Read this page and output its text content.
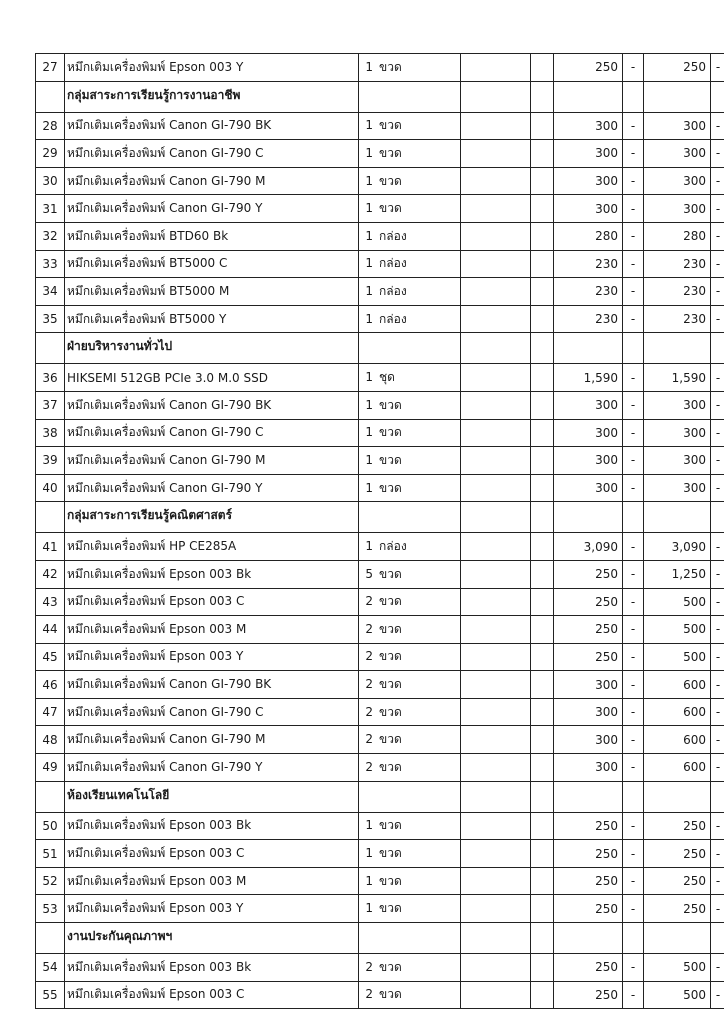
27	หมึกเติมเครื่องพิมพ์ Epson 003 Y	1 ขวด			250	-	250	-
	กลุ่มสาระการเรียนรู้การงานอาชีพ							
28	หมึกเติมเครื่องพิมพ์ Canon GI-790 BK	1 ขวด			300	-	300	-
29	หมึกเติมเครื่องพิมพ์ Canon GI-790 C	1 ขวด			300	-	300	-
30	หมึกเติมเครื่องพิมพ์ Canon GI-790 M	1 ขวด			300	-	300	-
31	หมึกเติมเครื่องพิมพ์ Canon GI-790 Y	1 ขวด			300	-	300	-
32	หมึกเติมเครื่องพิมพ์ BTD60 Bk	1 กล่อง			280	-	280	-
33	หมึกเติมเครื่องพิมพ์ BT5000 C	1 กล่อง			230	-	230	-
34	หมึกเติมเครื่องพิมพ์ BT5000 M	1 กล่อง			230	-	230	-
35	หมึกเติมเครื่องพิมพ์ BT5000 Y	1 กล่อง			230	-	230	-
	ฝ่ายบริหารงานทั่วไป							
36	HIKSEMI 512GB PCIe 3.0 M.0 SSD	1 ชุด			1,590	-	1,590	-
37	หมึกเติมเครื่องพิมพ์ Canon GI-790 BK	1 ขวด			300	-	300	-
38	หมึกเติมเครื่องพิมพ์ Canon GI-790 C	1 ขวด			300	-	300	-
39	หมึกเติมเครื่องพิมพ์ Canon GI-790 M	1 ขวด			300	-	300	-
40	หมึกเติมเครื่องพิมพ์ Canon GI-790 Y	1 ขวด			300	-	300	-
	กลุ่มสาระการเรียนรู้คณิตศาสตร์							
41	หมึกเติมเครื่องพิมพ์ HP CE285A	1 กล่อง			3,090	-	3,090	-
42	หมึกเติมเครื่องพิมพ์ Epson 003 Bk	5 ขวด			250	-	1,250	-
43	หมึกเติมเครื่องพิมพ์ Epson 003 C	2 ขวด			250	-	500	-
44	หมึกเติมเครื่องพิมพ์ Epson 003 M	2 ขวด			250	-	500	-
45	หมึกเติมเครื่องพิมพ์ Epson 003 Y	2 ขวด			250	-	500	-
46	หมึกเติมเครื่องพิมพ์ Canon GI-790 BK	2 ขวด			300	-	600	-
47	หมึกเติมเครื่องพิมพ์ Canon GI-790 C	2 ขวด			300	-	600	-
48	หมึกเติมเครื่องพิมพ์ Canon GI-790 M	2 ขวด			300	-	600	-
49	หมึกเติมเครื่องพิมพ์ Canon GI-790 Y	2 ขวด			300	-	600	-
	ห้องเรียนเทคโนโลยี							
50	หมึกเติมเครื่องพิมพ์ Epson 003 Bk	1 ขวด			250	-	250	-
51	หมึกเติมเครื่องพิมพ์ Epson 003 C	1 ขวด			250	-	250	-
52	หมึกเติมเครื่องพิมพ์ Epson 003 M	1 ขวด			250	-	250	-
53	หมึกเติมเครื่องพิมพ์ Epson 003 Y	1 ขวด			250	-	250	-
	งานประกันคุณภาพฯ							
54	หมึกเติมเครื่องพิมพ์ Epson 003 Bk	2 ขวด			250	-	500	-
55	หมึกเติมเครื่องพิมพ์ Epson 003 C	2 ขวด			250	-	500	-
